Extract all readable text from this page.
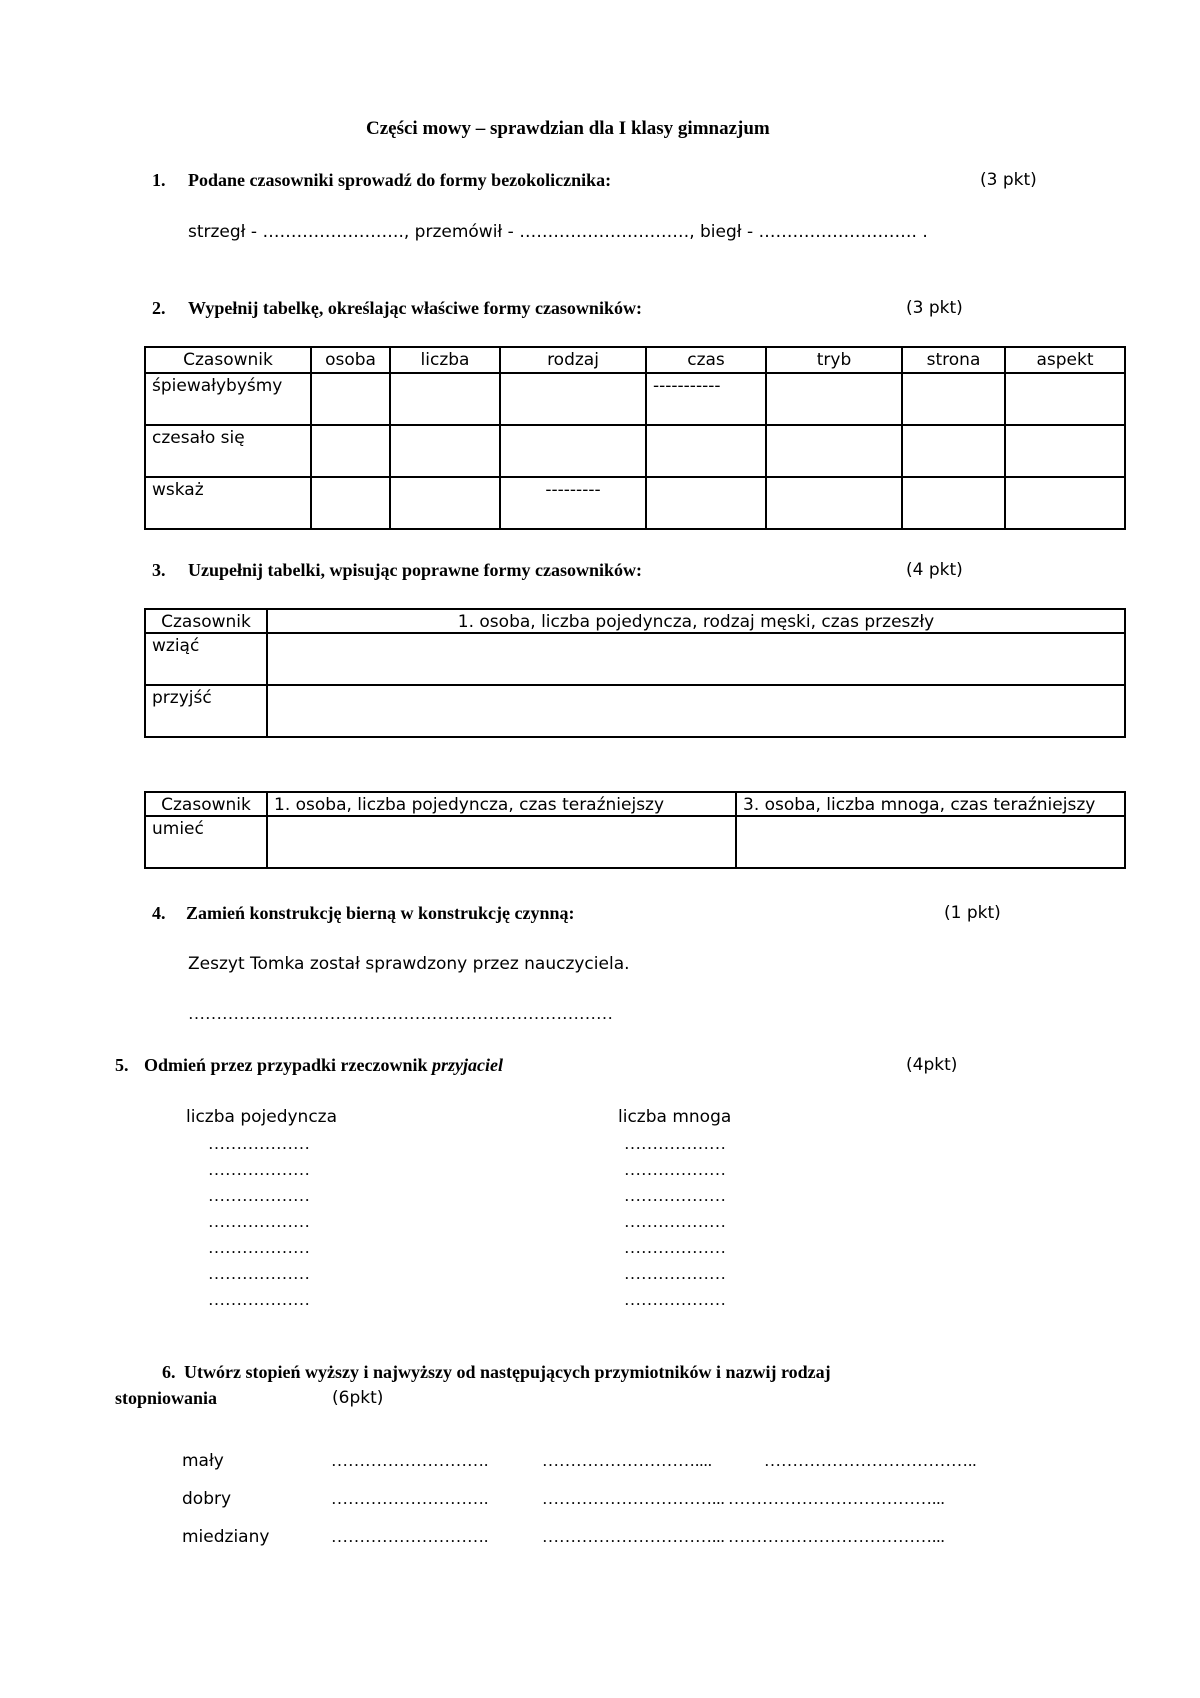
Części mowy – sprawdzian dla I klasy gimnazjum
1. Podane czasowniki sprowadź do formy bezokolicznika:	(3 pkt)
strzegł - ……………………., przemówił - …………………………, biegł - ………………………. .
2. Wypełnij tabelkę, określając właściwe formy czasowników:	(3 pkt)
Czasownik	osoba	liczba	rodzaj	czas	tryb	strona	aspekt
śpiewałybyśmy				-----------			
czesało się							
wskaż			---------				
3. Uzupełnij tabelki, wpisując poprawne formy czasowników:	(4 pkt)
Czasownik	1. osoba, liczba pojedyncza, rodzaj męski, czas przeszły
wziąć	
przyjść	
Czasownik	1. osoba, liczba pojedyncza, czas teraźniejszy	3. osoba, liczba mnoga, czas teraźniejszy
umieć		
4. Zamień konstrukcję bierną w konstrukcję czynną:	(1 pkt)
Zeszyt Tomka został sprawdzony przez nauczyciela.
…………………………………………………………………
5. Odmień przez przypadki rzeczownik przyjaciel	(4pkt)
liczba pojedyncza	liczba mnoga
………………
………………
………………
………………
………………
………………
………………
………………
………………
………………
………………
………………
………………
………………
6. Utwórz stopień wyższy i najwyższy od następujących przymiotników i nazwij rodzaj
stopniowania	(6pkt)
mały	……………………….	………………………....	………………………………..
dobry	……………………….	…………………………... ………………………………...
miedziany	……………………….	…………………………... ………………………………...
